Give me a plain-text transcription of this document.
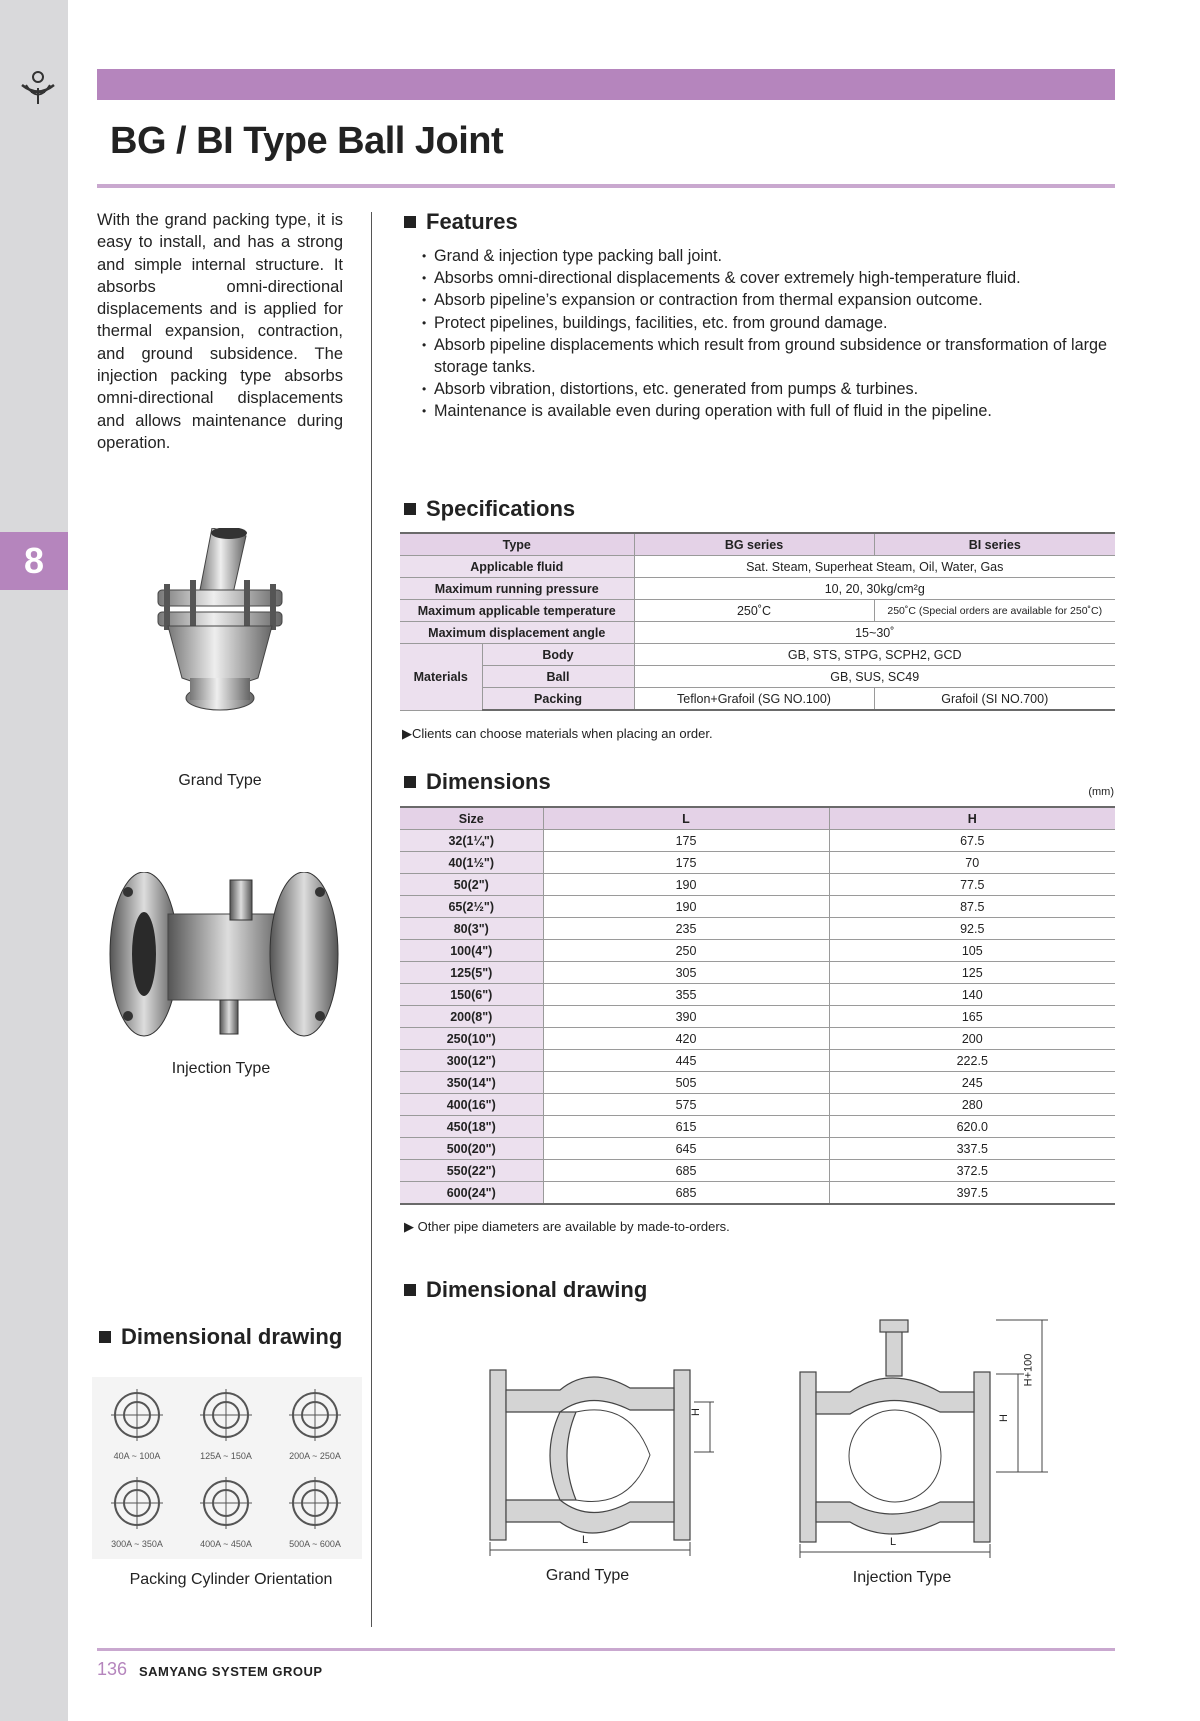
8
BG / BI Type Ball Joint
With the grand packing type, it is easy to install, and has a strong and simple internal structure. It absorbs omni-directional displacements and is applied for thermal expansion, contraction, and ground subsidence. The injection packing type absorbs omni-directional displacements and allows maintenance during operation.
Grand Type
Injection Type
Dimensional drawing
40A ~ 100A	125A ~ 150A	200A ~ 250A
300A ~ 350A	400A ~ 450A	500A ~ 600A
Packing Cylinder Orientation
Features
• Grand & injection type packing ball joint.
• Absorbs omni-directional displacements & cover extremely high-temperature fluid.
• Absorb pipeline’s expansion or contraction from thermal expansion outcome.
• Protect pipelines, buildings, facilities, etc. from ground damage.
• Absorb pipeline displacements which result from ground subsidence or transformation of large storage tanks.
• Absorb vibration, distortions, etc. generated from pumps & turbines.
• Maintenance is available even during operation with full of fluid in the pipeline.
Specifications
Type		BG series	BI series
Applicable fluid		Sat. Steam, Superheat Steam, Oil, Water, Gas	
Maximum running pressure		10, 20, 30kg/cm²g	
Maximum applicable temperature		250˚C	250˚C (Special orders are available for 250˚C)
Maximum displacement angle		15~30˚	
Materials	Body	GB, STS, STPG, SCPH2, GCD	
	Ball	GB, SUS, SC49	
	Packing	Teflon+Grafoil (SG NO.100)	Grafoil (SI NO.700)
▶Clients can choose materials when placing an order.
Dimensions	(mm)
Size	L	H
32(1¼")	175	67.5
40(1½")	175	70
50(2")	190	77.5
65(2½")	190	87.5
80(3")	235	92.5
100(4")	250	105
125(5")	305	125
150(6")	355	140
200(8")	390	165
250(10")	420	200
300(12")	445	222.5
350(14")	505	245
400(16")	575	280
450(18")	615	620.0
500(20")	645	337.5
550(22")	685	372.5
600(24")	685	397.5
▶ Other pipe diameters are available by made-to-orders.
Dimensional drawing
H
L
Grand Type
H
H+100
L
Injection Type
136 SAMYANG SYSTEM GROUP
